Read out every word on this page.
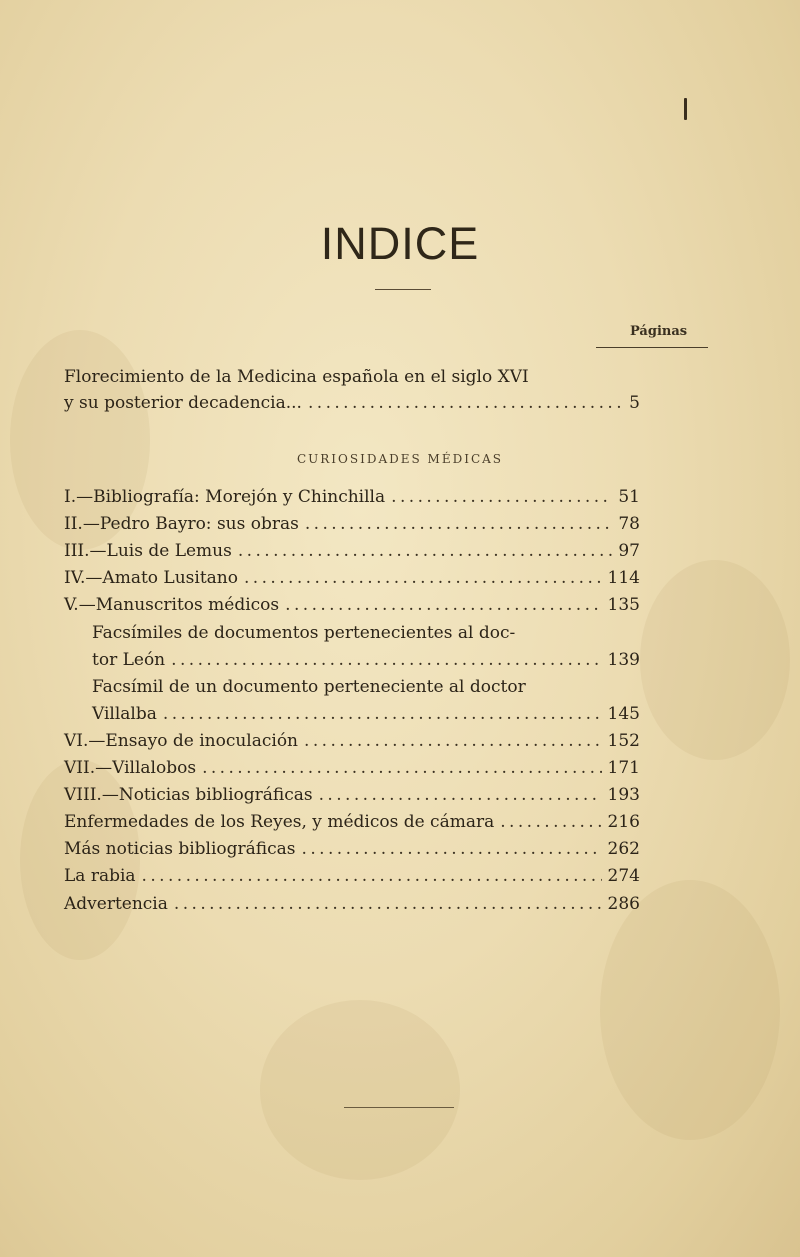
INDICE
Páginas
Florecimiento de la Medicina española en el siglo XVI
y su posterior decadencia... . . .	5
CURIOSIDADES MÉDICAS
I.—Bibliografía: Morejón y Chinchilla . . .	51
II.—Pedro Bayro: sus obras . . .	78
III.—Luis de Lemus . . .	97
IV.—Amato Lusitano . . .	114
V.—Manuscritos médicos . . .	135
Facsímiles de documentos pertenecientes al doc-
tor León . . .	139
Facsímil de un documento perteneciente al doctor
Villalba . . .	145
VI.—Ensayo de inoculación . . .	152
VII.—Villalobos . . .	171
VIII.—Noticias bibliográficas . . .	193
Enfermedades de los Reyes, y médicos de cámara . . .	216
Más noticias bibliográficas . . .	262
La rabia . . .	274
Advertencia . . .	286
